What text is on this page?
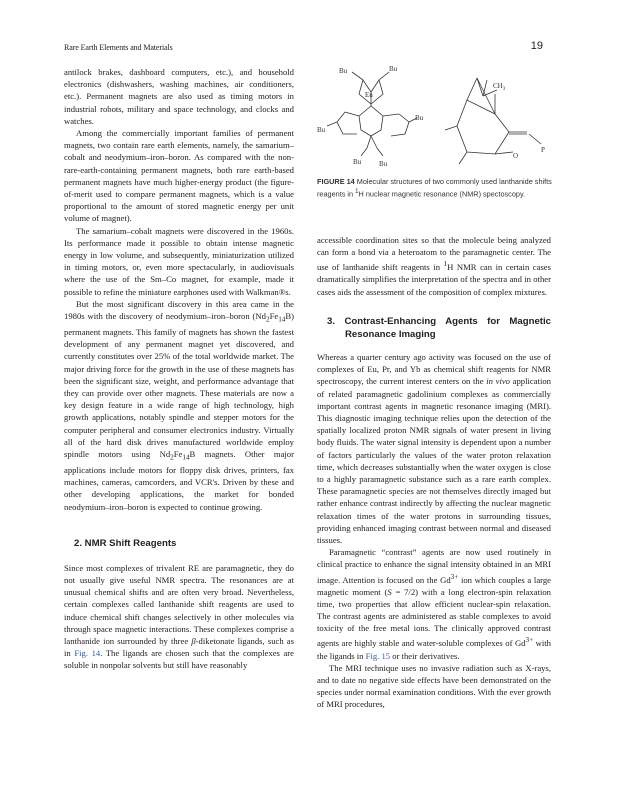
Rare Earth Elements and Materials	19

antilock brakes, dashboard computers, etc.), and household electronics (dishwashers, washing machines, air conditioners, etc.). Permanent magnets are also used as timing motors in industrial robots, military and space technology, and clocks and watches.

Among the commercially important families of permanent magnets, two contain rare earth elements, namely, the samarium–cobalt and neodymium–iron–boron. As compared with the non-rare-earth-containing permanent magnets, both rare earth-based permanent magnets have much higher-energy product (the figure-of-merit used to compare permanent magnets, which is a value proportional to the amount of stored magnetic energy per unit volume of magnet).

The samarium–cobalt magnets were discovered in the 1960s. Its performance made it possible to obtain intense magnetic energy in low volume, and subsequently, miniaturization utilized in timing motors, or, even more spectacularly, in audiovisuals where the use of the Sm–Co magnet, for example, made it possible to refine the miniature earphones used with Walkman®s.

But the most significant discovery in this area came in the 1980s with the discovery of neodymium–iron–boron $(Nd_2Fe_{14}B)$ permanent magnets. This family of magnets has shown the fastest development of any permanent magnet yet discovered, and currently constitutes over 25% of the total worldwide market. The major driving force for the growth in the use of these magnets has been the significant size, weight, and performance advantage that they can provide over other magnets. These materials are now a key design feature in a wide range of high technology, high growth applications, notably spindle and stepper motors for the computer peripheral and consumer electronics industry. Virtually all of the hard disk drives manufactured worldwide employ spindle motors using $Nd_2Fe_{14}B$ magnets. Other major applications include motors for floppy disk drives, printers, fax machines, cameras, camcorders, and VCR's. Driven by these and other developing applications, the market for bonded neodymium–iron–boron is expected to continue growing.

2. NMR Shift Reagents

Since most complexes of trivalent RE are paramagnetic, they do not usually give useful NMR spectra. The resonances are at unusual chemical shifts and are often very broad. Nevertheless, certain complexes called lanthanide shift reagents are used to induce chemical shift changes selectively in other molecules via through space magnetic interactions. These complexes comprise a lanthanide ion surrounded by three β-diketonate ligands, such as in Fig. 14. The ligands are chosen such that the complexes are soluble in nonpolar solvents but still have reasonably

Bu	Bu
Eu
Bu
Bu
Bu	Bu
$CH_3$
O
P
FIGURE 14 Molecular structures of two commonly used lanthanide shifts reagents in $^1$H nuclear magnetic resonance (NMR) spectoscopy.

accessible coordination sites so that the molecule being analyzed can form a bond via a heteroatom to the paramagnetic center. The use of lanthanide shift reagents in $^1$H NMR can in certain cases dramatically simplifies the interpretation of the spectra and in other cases aids the assessment of the composition of complex mixtures.

3. Contrast-Enhancing Agents for Magnetic Resonance Imaging

Whereas a quarter century ago activity was focused on the use of complexes of Eu, Pr, and Yb as chemical shift reagents for NMR spectroscopy, the current interest centers on the in vivo application of related paramagnetic gadolinium complexes as commercially important contrast agents in magnetic resonance imaging (MRI). This diagnostic imaging technique relies upon the detection of the spatially localized proton NMR signals of water present in living body fluids. The water signal intensity is dependent upon a number of factors particularly the values of the water proton relaxation time, which decreases substantially when the water oxygen is close to a highly paramagnetic substance such as a rare earth complex. These paramagnetic species are not themselves directly imaged but rather enhance contrast indirectly by affecting the nuclear magnetic relaxation times of the water protons in surrounding tissues, providing enhanced imaging contrast between normal and diseased tissues.

Paramagnetic “contrast” agents are now used routinely in clinical practice to enhance the signal intensity obtained in an MRI image. Attention is focused on the $Gd^{3+}$ ion which couples a large magnetic moment (S = 7/2) with a long electron-spin relaxation time, two properties that allow efficient nuclear-spin relaxation. The contrast agents are administered as stable complexes to avoid toxicity of the free metal ions. The clinically approved contrast agents are highly stable and water-soluble complexes of $Gd^{3+}$ with the ligands in Fig. 15 or their derivatives.

The MRI technique uses no invasive radiation such as X-rays, and to date no negative side effects have been demonstrated on the species under normal examination conditions. With the ever growth of MRI procedures,
